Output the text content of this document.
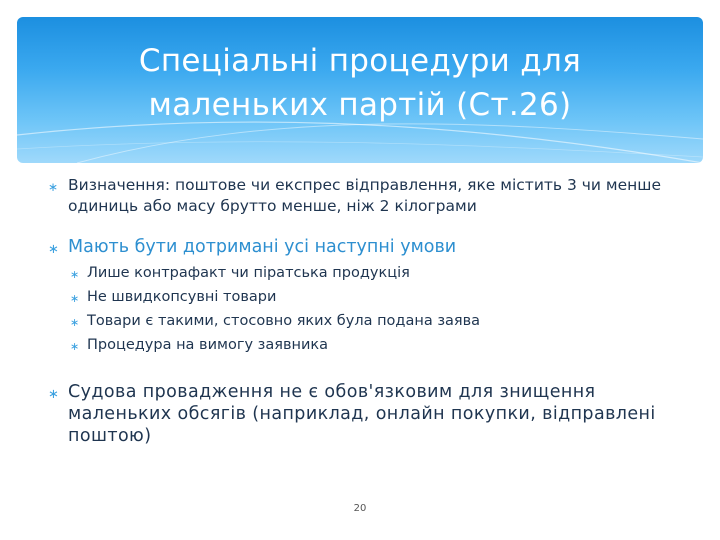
Спеціальні процедури для
маленьких партій (Ст.26)
∗ Визначення: поштове чи експрес відправлення, яке містить 3 чи менше одиниць або масу брутто менше, ніж 2 кілограми
∗ Мають бути дотримані усі наступні умови
∗ Лише контрафакт чи піратська продукція
∗ Не швидкопсувні товари
∗ Товари є такими, стосовно яких була подана заява
∗ Процедура на вимогу заявника
∗ Судова провадження не є обов'язковим для знищення маленьких обсягів (наприклад, онлайн покупки, відправлені поштою)
20
